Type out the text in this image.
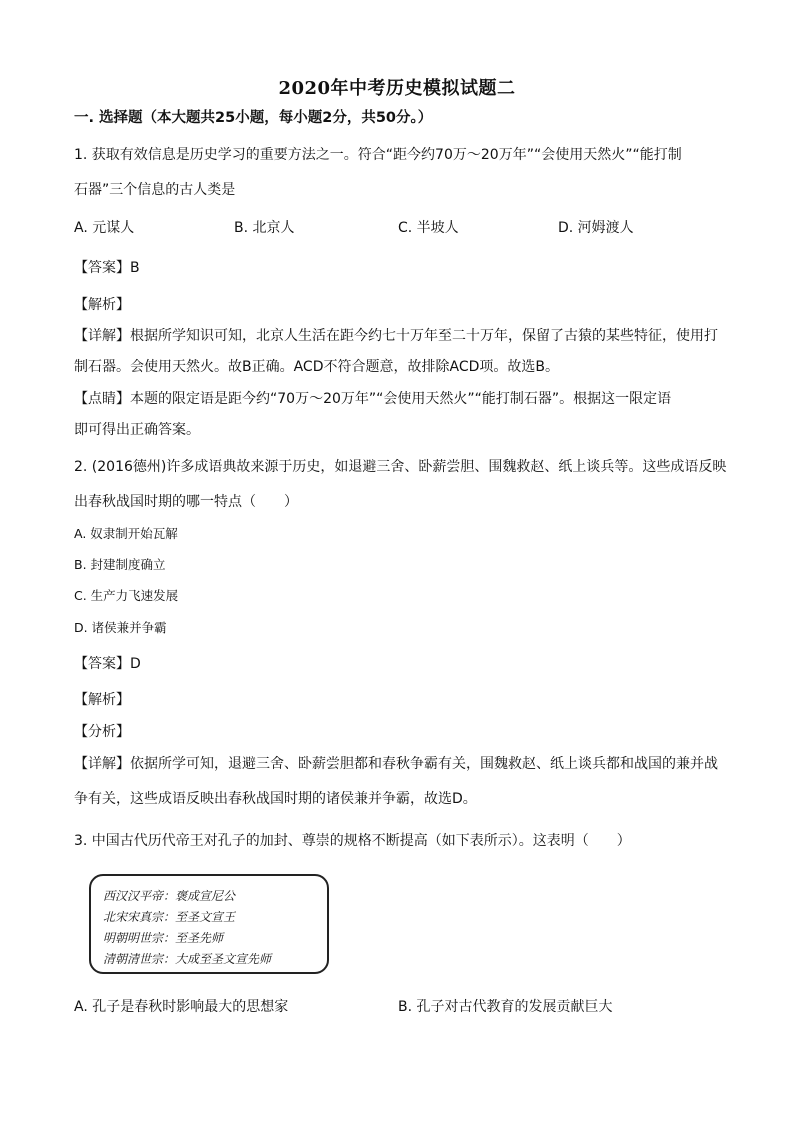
2020年中考历史模拟试题二
一. 选择题（本大题共25小题，每小题2分，共50分。）
1. 获取有效信息是历史学习的重要方法之一。符合“距今约70万～20万年”“会使用天然火”“能打制
石器”三个信息的古人类是
A. 元谋人	B. 北京人	C. 半坡人	D. 河姆渡人
【答案】B
【解析】
【详解】根据所学知识可知，北京人生活在距今约七十万年至二十万年，保留了古猿的某些特征，使用打
制石器。会使用天然火。故B正确。ACD不符合题意，故排除ACD项。故选B。
【点睛】本题的限定语是距今约“70万～20万年”“会使用天然火”“能打制石器”。根据这一限定语
即可得出正确答案。
2. (2016德州)许多成语典故来源于历史，如退避三舍、卧薪尝胆、围魏救赵、纸上谈兵等。这些成语反映
出春秋战国时期的哪一特点（　　）
A. 奴隶制开始瓦解
B. 封建制度确立
C. 生产力飞速发展
D. 诸侯兼并争霸
【答案】D
【解析】
【分析】
【详解】依据所学可知，退避三舍、卧薪尝胆都和春秋争霸有关，围魏救赵、纸上谈兵都和战国的兼并战
争有关，这些成语反映出春秋战国时期的诸侯兼并争霸，故选D。
3. 中国古代历代帝王对孔子的加封、尊崇的规格不断提高（如下表所示）。这表明（　　）
西汉汉平帝：褒成宣尼公
北宋宋真宗：至圣文宣王
明朝明世宗：至圣先师
清朝清世宗：大成至圣文宣先师
A. 孔子是春秋时影响最大的思想家	B. 孔子对古代教育的发展贡献巨大
